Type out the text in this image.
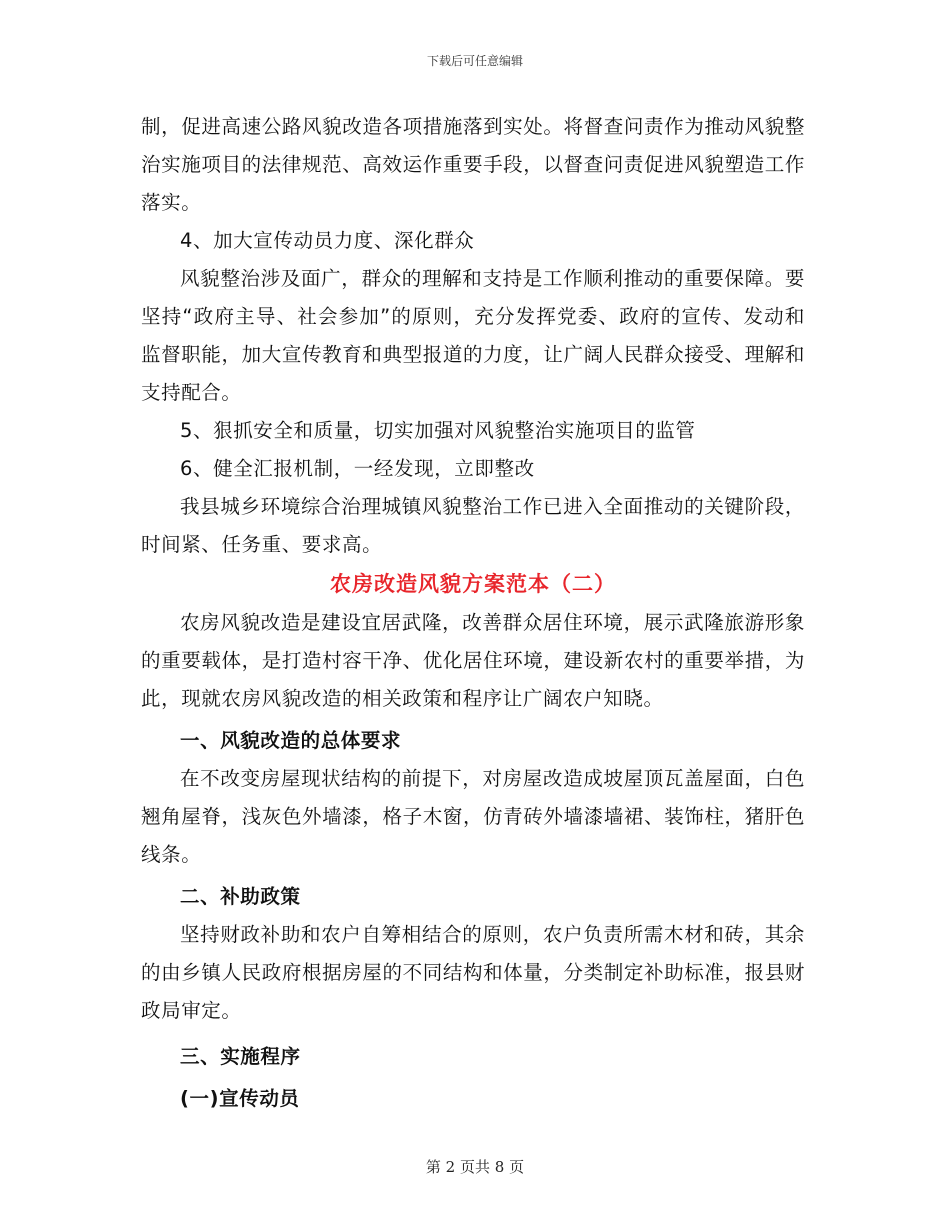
下载后可任意编辑

制，促进高速公路风貌改造各项措施落到实处。将督查问责作为推动风貌整治实施项目的法律规范、高效运作重要手段，以督查问责促进风貌塑造工作落实。

4、加大宣传动员力度、深化群众

风貌整治涉及面广，群众的理解和支持是工作顺利推动的重要保障。要坚持“政府主导、社会参加”的原则，充分发挥党委、政府的宣传、发动和监督职能，加大宣传教育和典型报道的力度，让广阔人民群众接受、理解和支持配合。

5、狠抓安全和质量，切实加强对风貌整治实施项目的监管

6、健全汇报机制，一经发现，立即整改

我县城乡环境综合治理城镇风貌整治工作已进入全面推动的关键阶段，时间紧、任务重、要求高。

农房改造风貌方案范本（二）

农房风貌改造是建设宜居武隆，改善群众居住环境，展示武隆旅游形象的重要载体，是打造村容干净、优化居住环境，建设新农村的重要举措，为此，现就农房风貌改造的相关政策和程序让广阔农户知晓。

一、风貌改造的总体要求

在不改变房屋现状结构的前提下，对房屋改造成坡屋顶瓦盖屋面，白色翘角屋脊，浅灰色外墙漆，格子木窗，仿青砖外墙漆墙裙、装饰柱，猪肝色线条。

二、补助政策

坚持财政补助和农户自筹相结合的原则，农户负责所需木材和砖，其余的由乡镇人民政府根据房屋的不同结构和体量，分类制定补助标准，报县财政局审定。

三、实施程序

(一)宣传动员

第 2 页共 8 页
